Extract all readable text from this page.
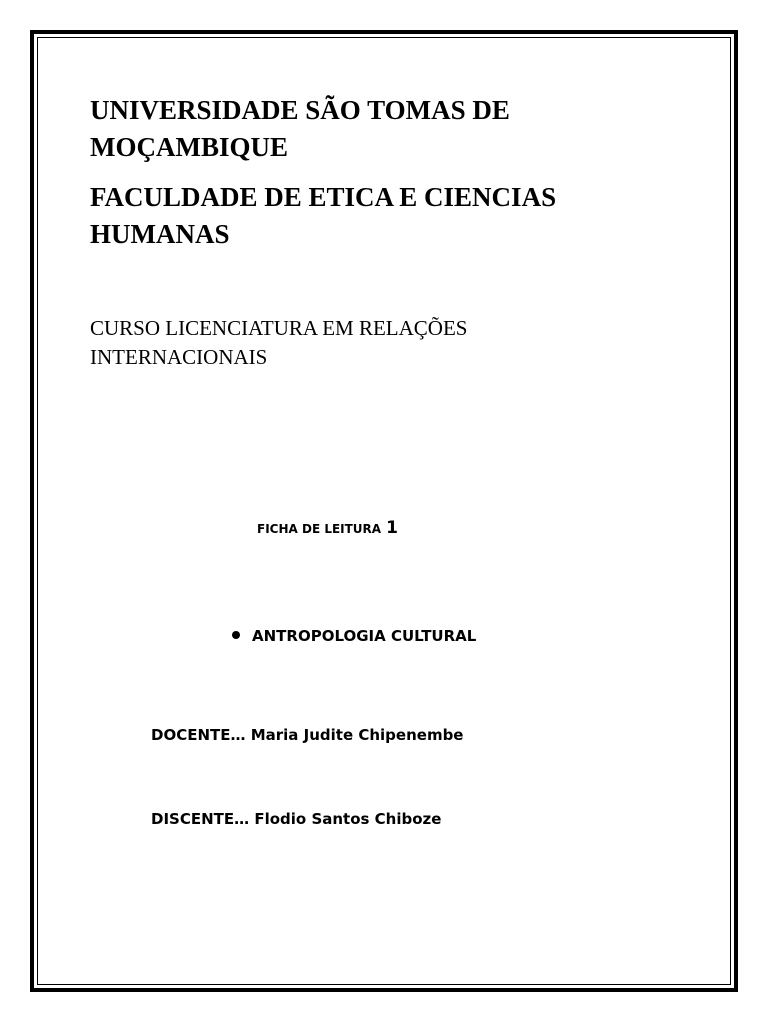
UNIVERSIDADE SÃO TOMAS DE MOÇAMBIQUE
FACULDADE DE ETICA E CIENCIAS HUMANAS

CURSO LICENCIATURA EM RELAÇÕES INTERNACIONAIS

FICHA DE LEITURA 1

ANTROPOLOGIA CULTURAL

DOCENTE… Maria Judite Chipenembe

DISCENTE… Flodio Santos Chiboze
